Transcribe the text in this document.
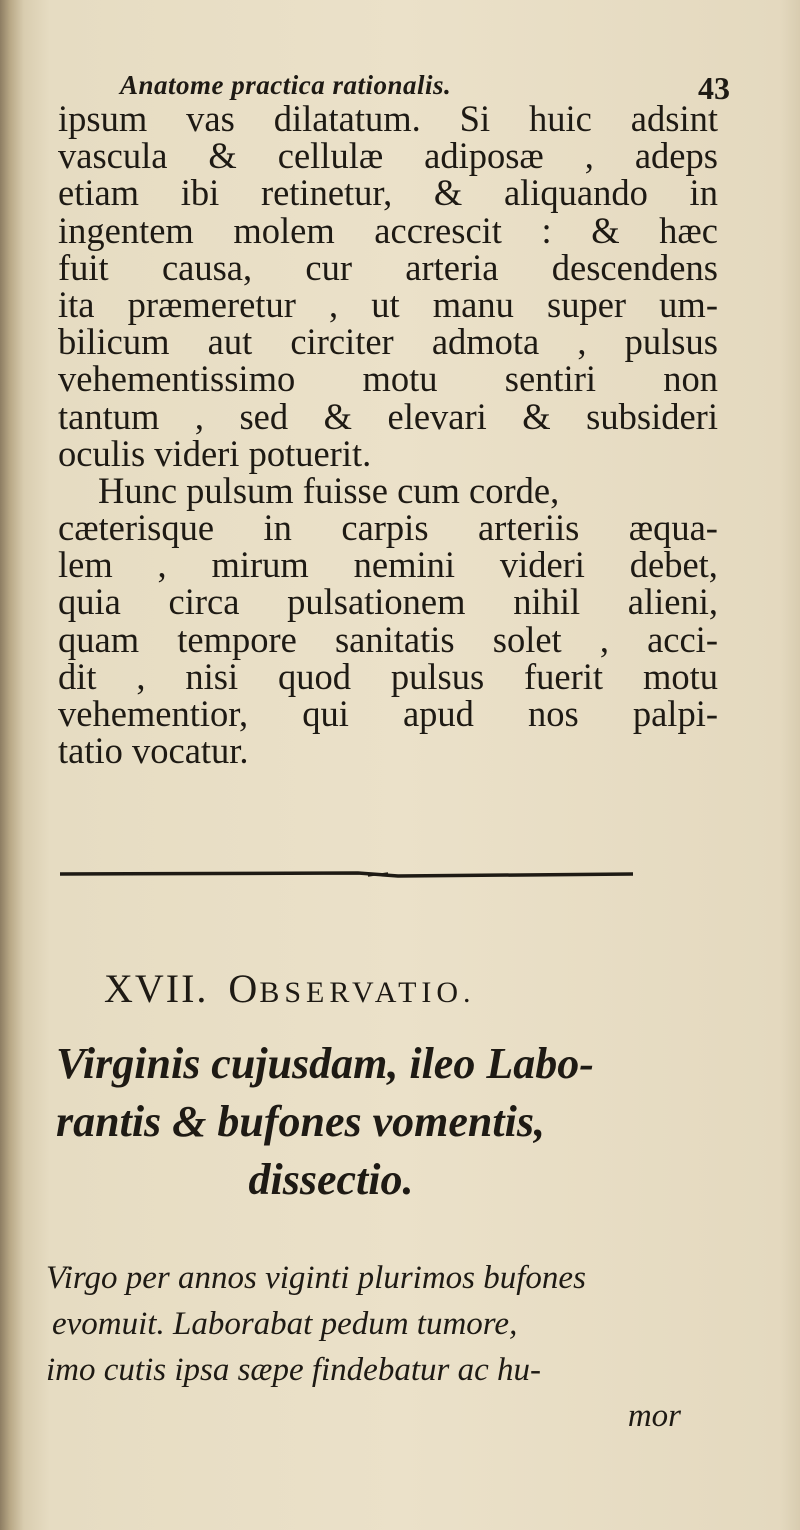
Anatome practica rationalis.	43
ipsum vas dilatatum. Si huic adsint
vascula & cellulæ adiposæ , adeps
etiam ibi retinetur, & aliquando in
ingentem molem accrescit : & hæc
fuit causa, cur arteria descendens
ita præmeretur , ut manu super um-
bilicum aut circiter admota , pulsus
vehementissimo motu sentiri non
tantum , sed & elevari & subsideri
oculis videri potuerit.
Hunc pulsum fuisse cum corde,
cæterisque in carpis arteriis æqua-
lem , mirum nemini videri debet,
quia circa pulsationem nihil alieni,
quam tempore sanitatis solet , acci-
dit , nisi quod pulsus fuerit motu
vehementior, qui apud nos palpi-
tatio vocatur.
XVII. OBSERVATIO.
Virginis cujusdam, ileo Labo-
rantis & bufones vomentis,
dissectio.
Virgo per annos viginti plurimos bufones
evomuit. Laborabat pedum tumore,
imo cutis ipsa sæpe findebatur ac hu-
mor
